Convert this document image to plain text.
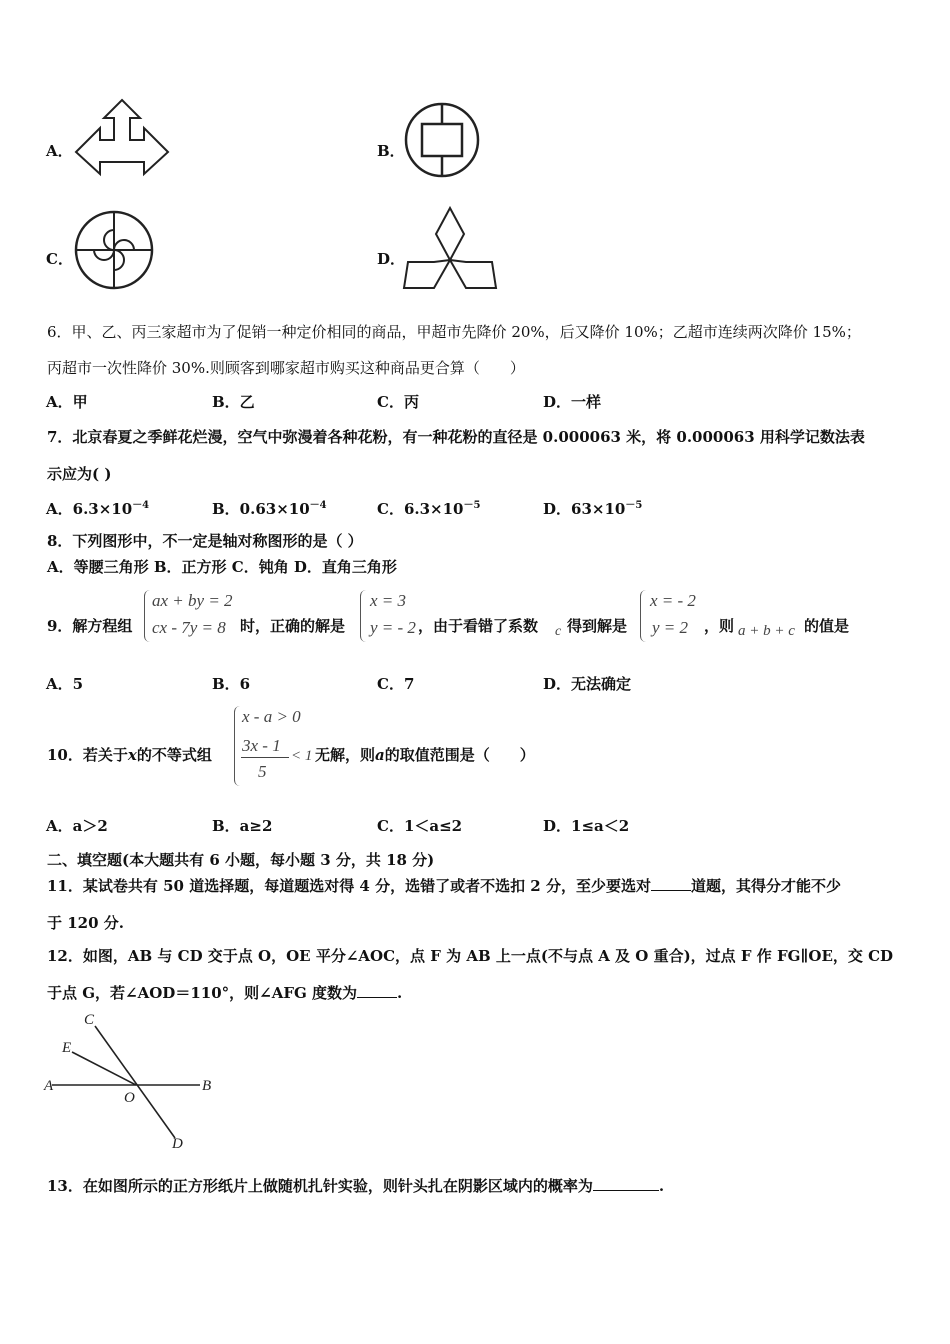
A．	B．
C．	D．
6．甲、乙、丙三家超市为了促销一种定价相同的商品，甲超市先降价 20%，后又降价 10%；乙超市连续两次降价 15%；
丙超市一次性降价 30%.则顾客到哪家超市购买这种商品更合算（　　）
A．甲	B．乙	C．丙	D．一样
7．北京春夏之季鲜花烂漫，空气中弥漫着各种花粉，有一种花粉的直径是 0.000063 米，将 0.000063 用科学记数法表
示应为( )
A．$6.3\times 10^{-4}$	B．$0.63\times 10^{-4}$	C．$6.3\times 10^{-5}$	D．$63\times 10^{-5}$
8．下列图形中，不一定是轴对称图形的是（ ）
A．等腰三角形 B．正方形 C．钝角 D．直角三角形
9．解方程组
ax + by = 2
cx - 7y = 8 时，正确的解是
x = 3
y = - 2 ，由于看错了系数 c 得到解是
x = - 2
y = 2 ，则 a + b + c 的值是
A．5	B．6	C．7	D．无法确定
10．若关于x的不等式组
x - a > 0
3x - 1
5
< 1 无解，则a的取值范围是（　　）
A．a＞2	B．a≥2	C．1＜a≤2	D．1≤a＜2
二、填空题(本大题共有 6 小题，每小题 3 分，共 18 分)
11．某试卷共有 50 道选择题，每道题选对得 4 分，选错了或者不选扣 2 分，至少要选对	道题，其得分才能不少
于 120 分.
12．如图，AB 与 CD 交于点 O，OE 平分∠AOC，点 F 为 AB 上一点(不与点 A 及 O 重合)，过点 F 作 FG∥OE，交 CD
于点 G，若∠AOD＝110°，则∠AFG 度数为	.
C
E
A
O
B
D
13．在如图所示的正方形纸片上做随机扎针实验，则针头扎在阴影区域内的概率为	.
